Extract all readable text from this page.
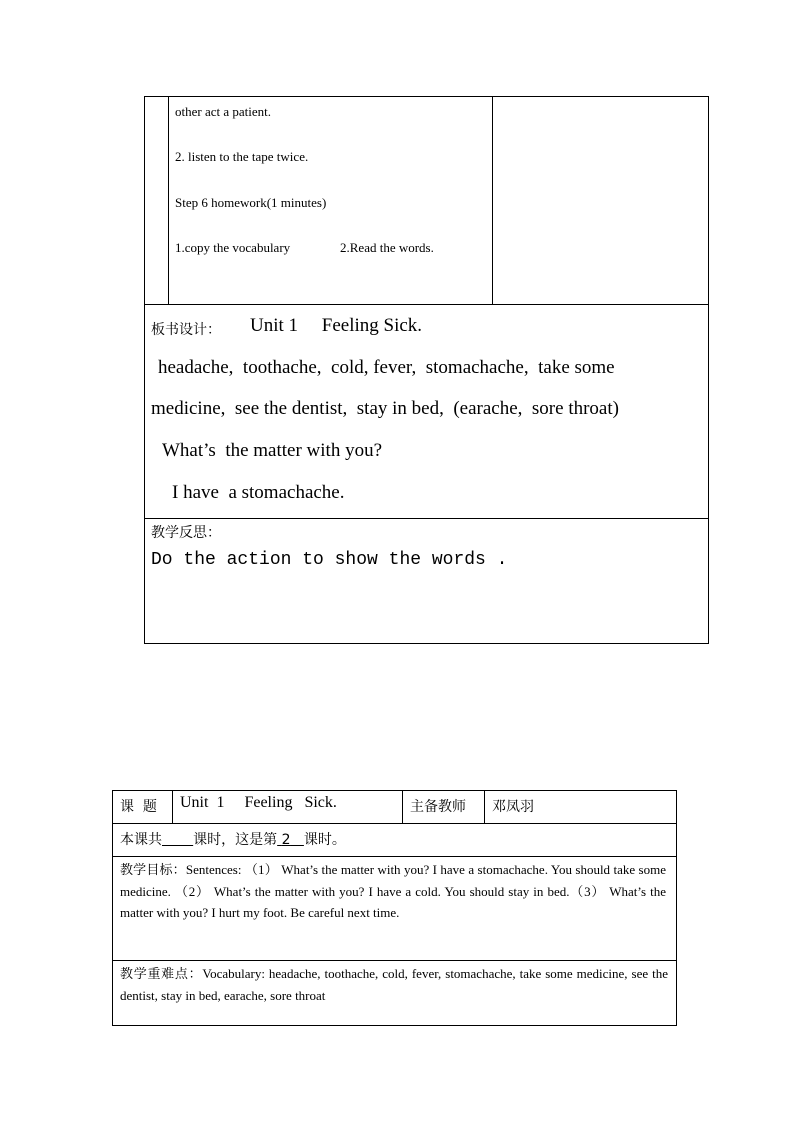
other act a patient.
2. listen to the tape twice.
Step 6 homework(1 minutes)
1.copy the vocabulary	2.Read the words.
板书设计： Unit 1     Feeling Sick.
headache,  toothache,  cold, fever,  stomachache,  take some
medicine,  see the dentist,  stay in bed,  (earache,  sore throat)
What’s  the matter with you?
I have  a stomachache.
教学反思：
Do the action to show the words .
课  题 Unit  1     Feeling   Sick.	主备教师 邓凤羽
本课共 课时，这是第 2 课时。
教学目标：Sentences: （1） What’s the matter with you? I have a stomachache. You should take some medicine. （2） What’s the matter with you? I have a cold. You should stay in bed.（3） What’s the matter with you? I hurt my foot. Be careful next time.
教学重难点：Vocabulary: headache, toothache, cold, fever, stomachache, take some medicine, see the dentist, stay in bed, earache, sore throat
